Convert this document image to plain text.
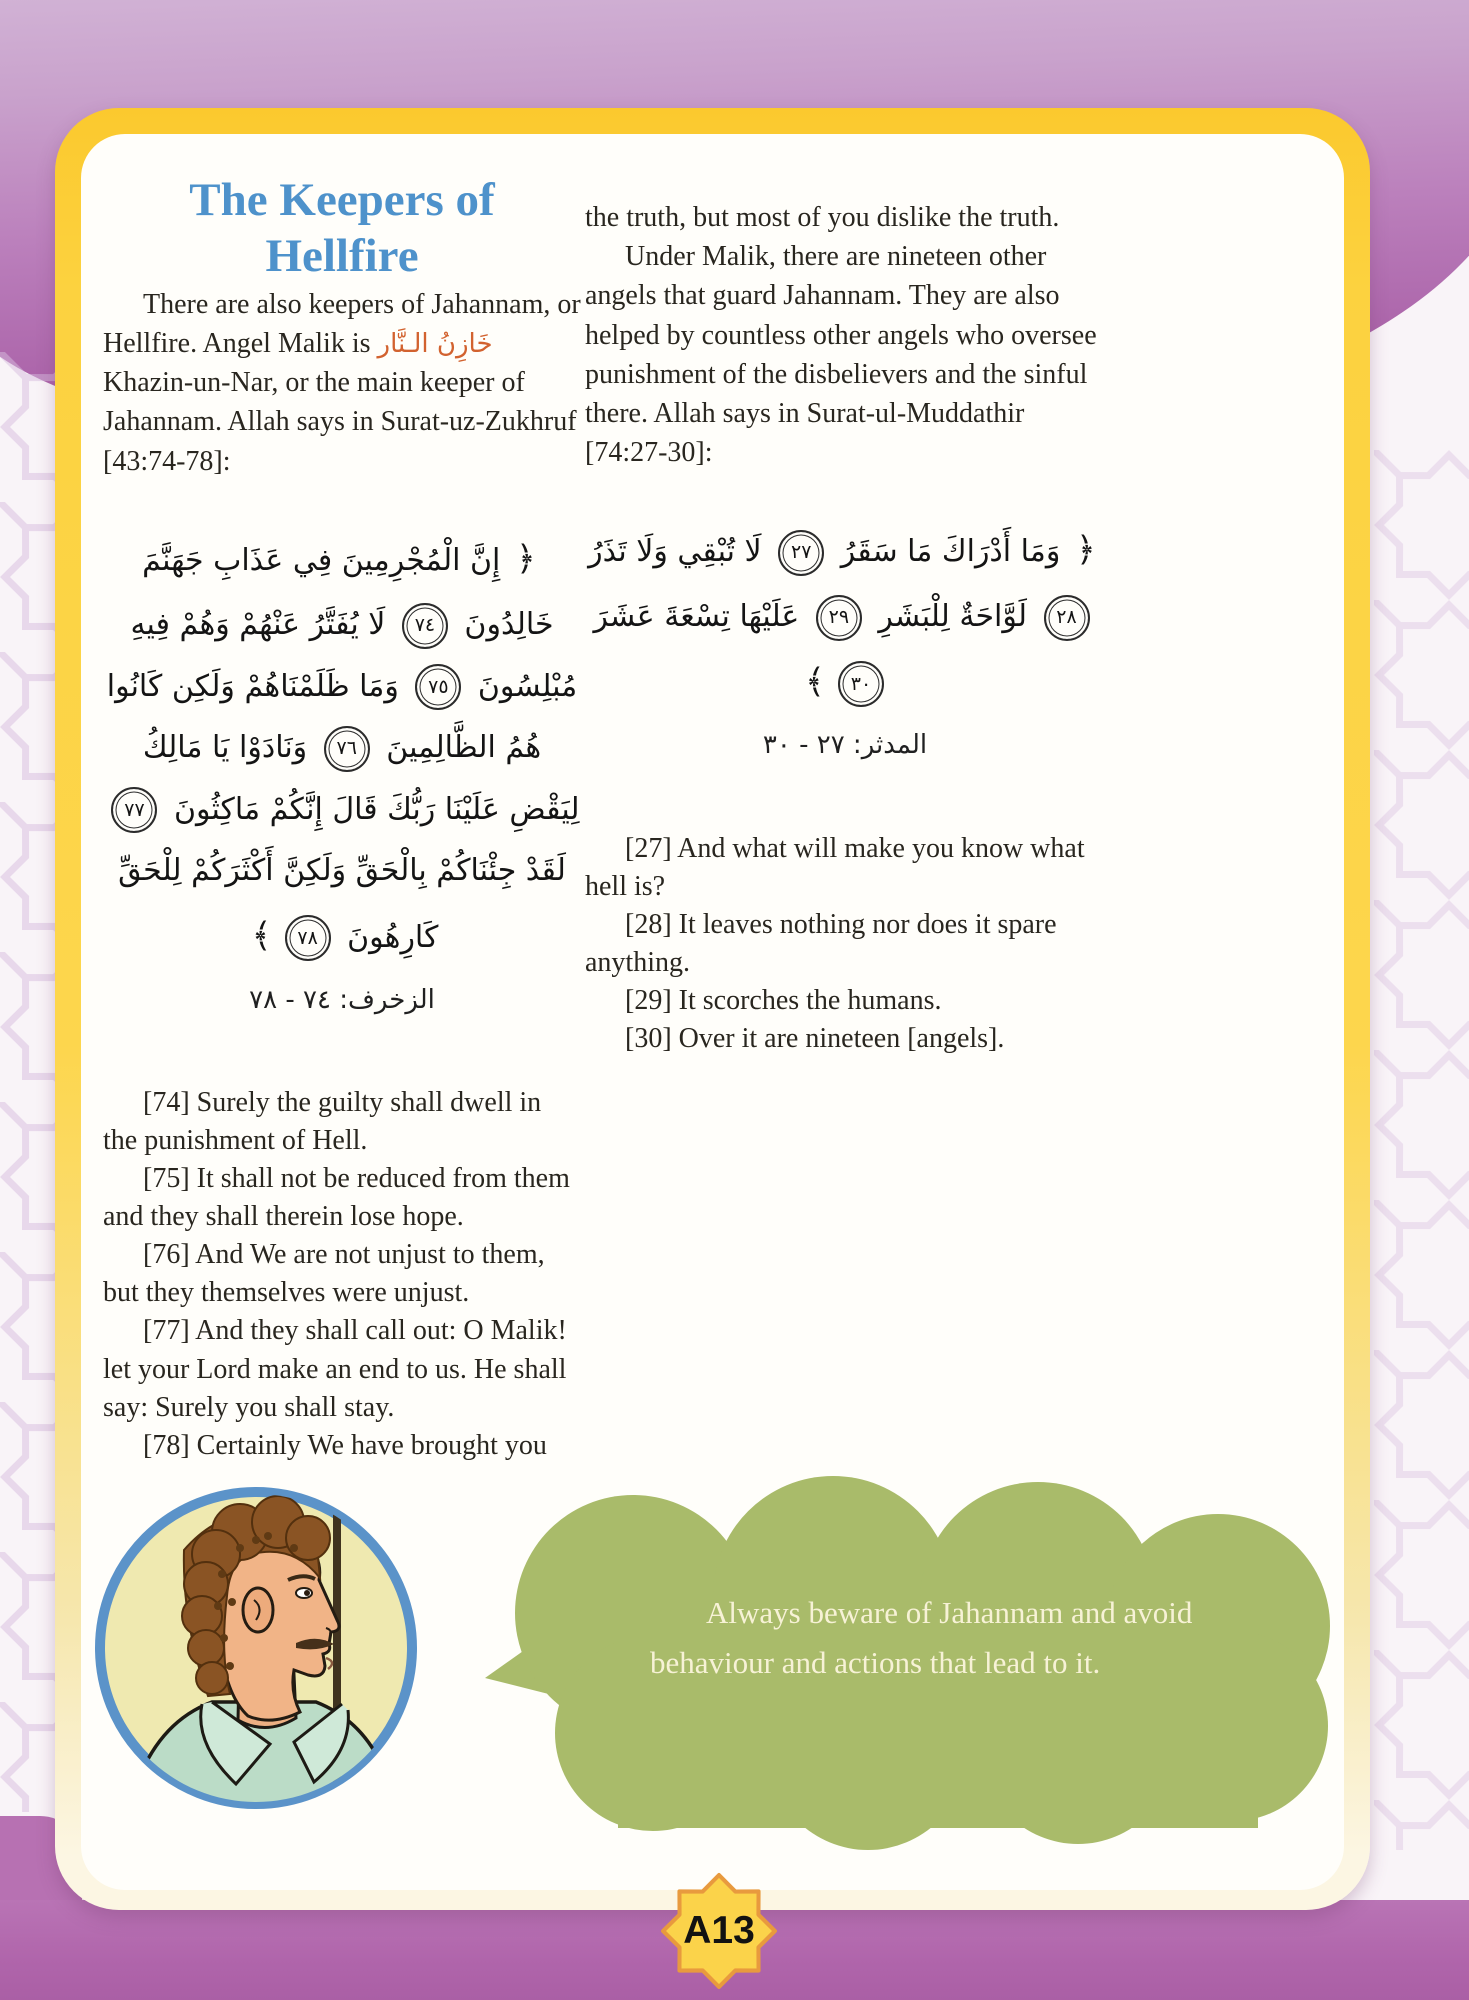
The Keepers of
Hellfire

There are also keepers of Jahannam, or Hellfire. Angel Malik is خَازِنُ الـنَّار Khazin-un-Nar, or the main keeper of Jahannam. Allah says in Surat-uz-Zukhruf [43:74-78]:

﴿ إِنَّ الْمُجْرِمِينَ فِي عَذَابِ جَهَنَّمَ خَالِدُونَ ٧٤ لَا يُفَتَّرُ عَنْهُمْ وَهُمْ فِيهِ مُبْلِسُونَ ٧٥ وَمَا ظَلَمْنَاهُمْ وَلَكِن كَانُوا هُمُ الظَّالِمِينَ ٧٦ وَنَادَوْا يَا مَالِكُ لِيَقْضِ عَلَيْنَا رَبُّكَ قَالَ إِنَّكُمْ مَاكِثُونَ ٧٧ لَقَدْ جِئْنَاكُمْ بِالْحَقِّ وَلَكِنَّ أَكْثَرَكُمْ لِلْحَقِّ كَارِهُونَ ٧٨﴾
الزخرف: ٧٤ - ٧٨

[74] Surely the guilty shall dwell in the punishment of Hell.

[75] It shall not be reduced from them and they shall therein lose hope.

[76] And We are not unjust to them, but they themselves were unjust.

[77] And they shall call out: O Malik! let your Lord make an end to us. He shall say: Surely you shall stay.

[78] Certainly We have brought you

the truth, but most of you dislike the truth.

Under Malik, there are nineteen other angels that guard Jahannam. They are also helped by countless other angels who oversee punishment of the disbelievers and the sinful there. Allah says in Surat-ul-Muddathir [74:27-30]:

﴿ وَمَا أَدْرَاكَ مَا سَقَرُ ٢٧ لَا تُبْقِي وَلَا تَذَرُ ٢٨ لَوَّاحَةٌ لِلْبَشَرِ ٢٩ عَلَيْهَا تِسْعَةَ عَشَرَ ٣٠﴾
المدثر: ٢٧ - ٣٠

[27] And what will make you know what hell is?

[28] It leaves nothing nor does it spare anything.

[29] It scorches the humans.

[30] Over it are nineteen [angels].

Always beware of Jahannam and avoid behaviour and actions that lead to it.
A13
